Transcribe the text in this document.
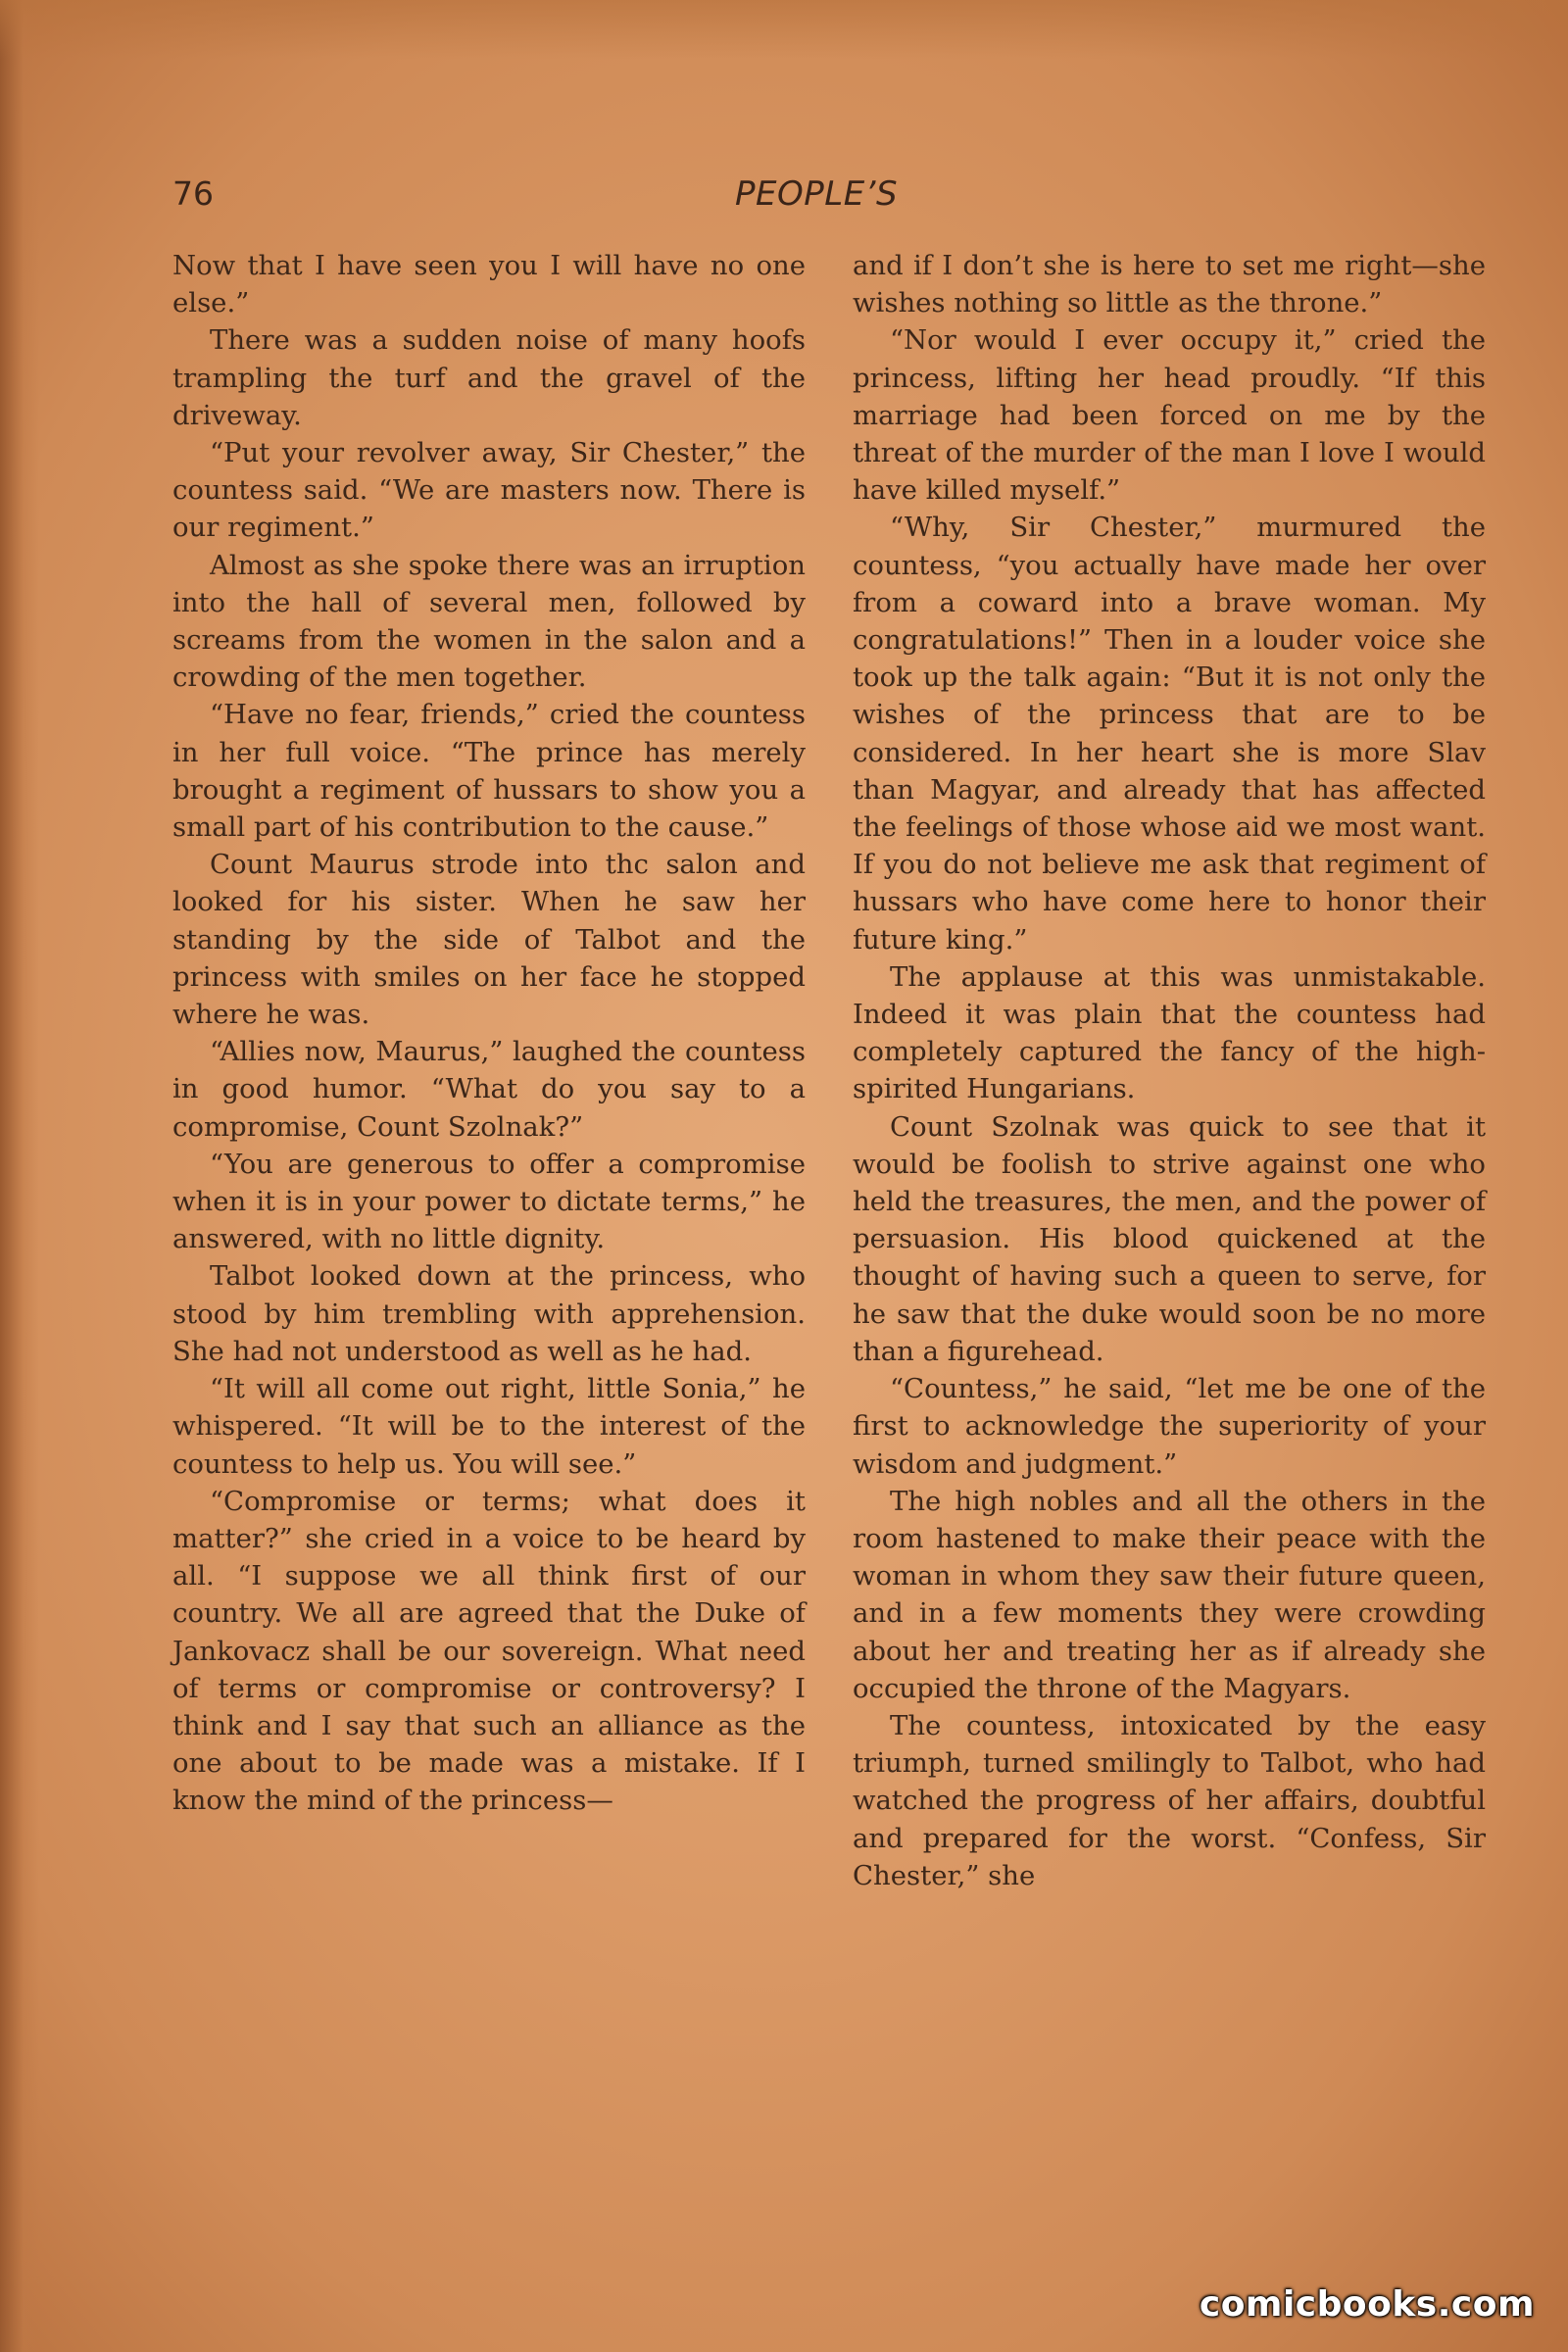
76	PEOPLE’S

Now that I have seen you I will have no one else.”

There was a sudden noise of many hoofs trampling the turf and the gravel of the driveway.

“Put your revolver away, Sir Chester,” the countess said. “We are masters now. There is our regiment.”

Almost as she spoke there was an irruption into the hall of several men, followed by screams from the women in the salon and a crowding of the men together.

“Have no fear, friends,” cried the countess in her full voice. “The prince has merely brought a regiment of hussars to show you a small part of his contribution to the cause.”

Count Maurus strode into thc salon and looked for his sister. When he saw her standing by the side of Talbot and the princess with smiles on her face he stopped where he was.

“Allies now, Maurus,” laughed the countess in good humor. “What do you say to a compromise, Count Szolnak?”

“You are generous to offer a compromise when it is in your power to dictate terms,” he answered, with no little dignity.

Talbot looked down at the princess, who stood by him trembling with apprehension. She had not understood as well as he had.

“It will all come out right, little Sonia,” he whispered. “It will be to the interest of the countess to help us. You will see.”

“Compromise or terms; what does it matter?” she cried in a voice to be heard by all. “I suppose we all think first of our country. We all are agreed that the Duke of Jankovacz shall be our sovereign. What need of terms or compromise or controversy? I think and I say that such an alliance as the one about to be made was a mistake. If I know the mind of the princess—

and if I don’t she is here to set me right—she wishes nothing so little as the throne.”

“Nor would I ever occupy it,” cried the princess, lifting her head proudly. “If this marriage had been forced on me by the threat of the murder of the man I love I would have killed myself.”

“Why, Sir Chester,” murmured the countess, “you actually have made her over from a coward into a brave woman. My congratulations!” Then in a louder voice she took up the talk again: “But it is not only the wishes of the princess that are to be considered. In her heart she is more Slav than Magyar, and already that has affected the feelings of those whose aid we most want. If you do not believe me ask that regiment of hussars who have come here to honor their future king.”

The applause at this was unmistakable. Indeed it was plain that the countess had completely captured the fancy of the high-spirited Hungarians.

Count Szolnak was quick to see that it would be foolish to strive against one who held the treasures, the men, and the power of persuasion. His blood quickened at the thought of having such a queen to serve, for he saw that the duke would soon be no more than a figurehead.

“Countess,” he said, “let me be one of the first to acknowledge the superiority of your wisdom and judgment.”

The high nobles and all the others in the room hastened to make their peace with the woman in whom they saw their future queen, and in a few moments they were crowding about her and treating her as if already she occupied the throne of the Magyars.

The countess, intoxicated by the easy triumph, turned smilingly to Talbot, who had watched the progress of her affairs, doubtful and prepared for the worst. “Confess, Sir Chester,” she

comicbooks.com
